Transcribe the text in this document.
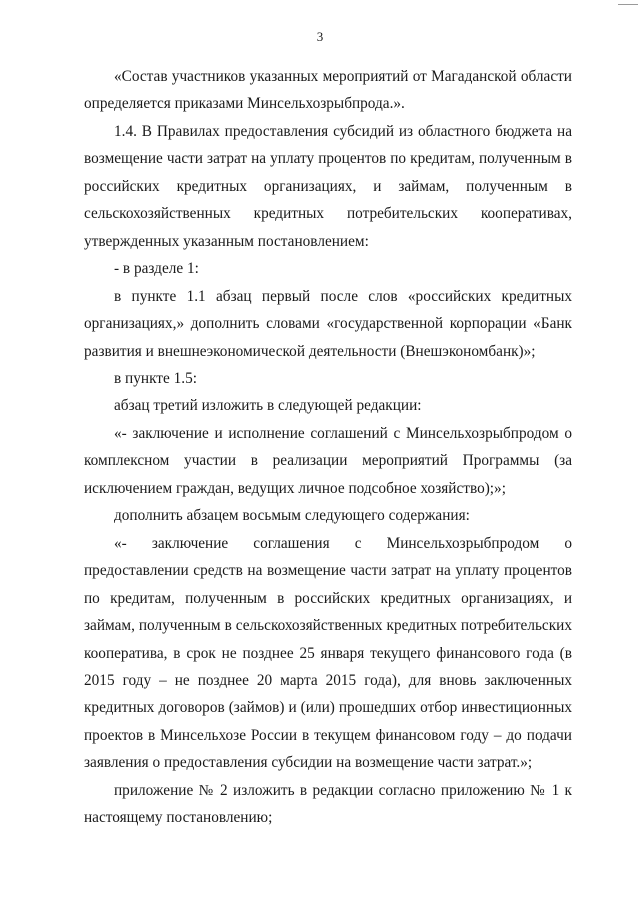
3

«Состав участников указанных мероприятий от Магаданской области определяется приказами Минсельхозрыбпрода.».

1.4. В Правилах предоставления субсидий из областного бюджета на возмещение части затрат на уплату процентов по кредитам, полученным в российских кредитных организациях, и займам, полученным в сельскохозяйственных кредитных потребительских кооперативах, утвержденных указанным постановлением:

- в разделе 1:

в пункте 1.1 абзац первый после слов «российских кредитных организациях,» дополнить словами «государственной корпорации «Банк развития и внешнеэкономической деятельности (Внешэкономбанк)»;

в пункте 1.5:

абзац третий изложить в следующей редакции:

«- заключение и исполнение соглашений с Минсельхозрыбпродом о комплексном участии в реализации мероприятий Программы (за исключением граждан, ведущих личное подсобное хозяйство);»;

дополнить абзацем восьмым следующего содержания:

«- заключение соглашения с Минсельхозрыбпродом о предоставлении средств на возмещение части затрат на уплату процентов по кредитам, полученным в российских кредитных организациях, и займам, полученным в сельскохозяйственных кредитных потребительских кооператива, в срок не позднее 25 января текущего финансового года (в 2015 году – не позднее 20 марта 2015 года), для вновь заключенных кредитных договоров (займов) и (или) прошедших отбор инвестиционных проектов в Минсельхозе России в текущем финансовом году – до подачи заявления о предоставления субсидии на возмещение части затрат.»;

приложение № 2 изложить в редакции согласно приложению № 1 к настоящему постановлению;
